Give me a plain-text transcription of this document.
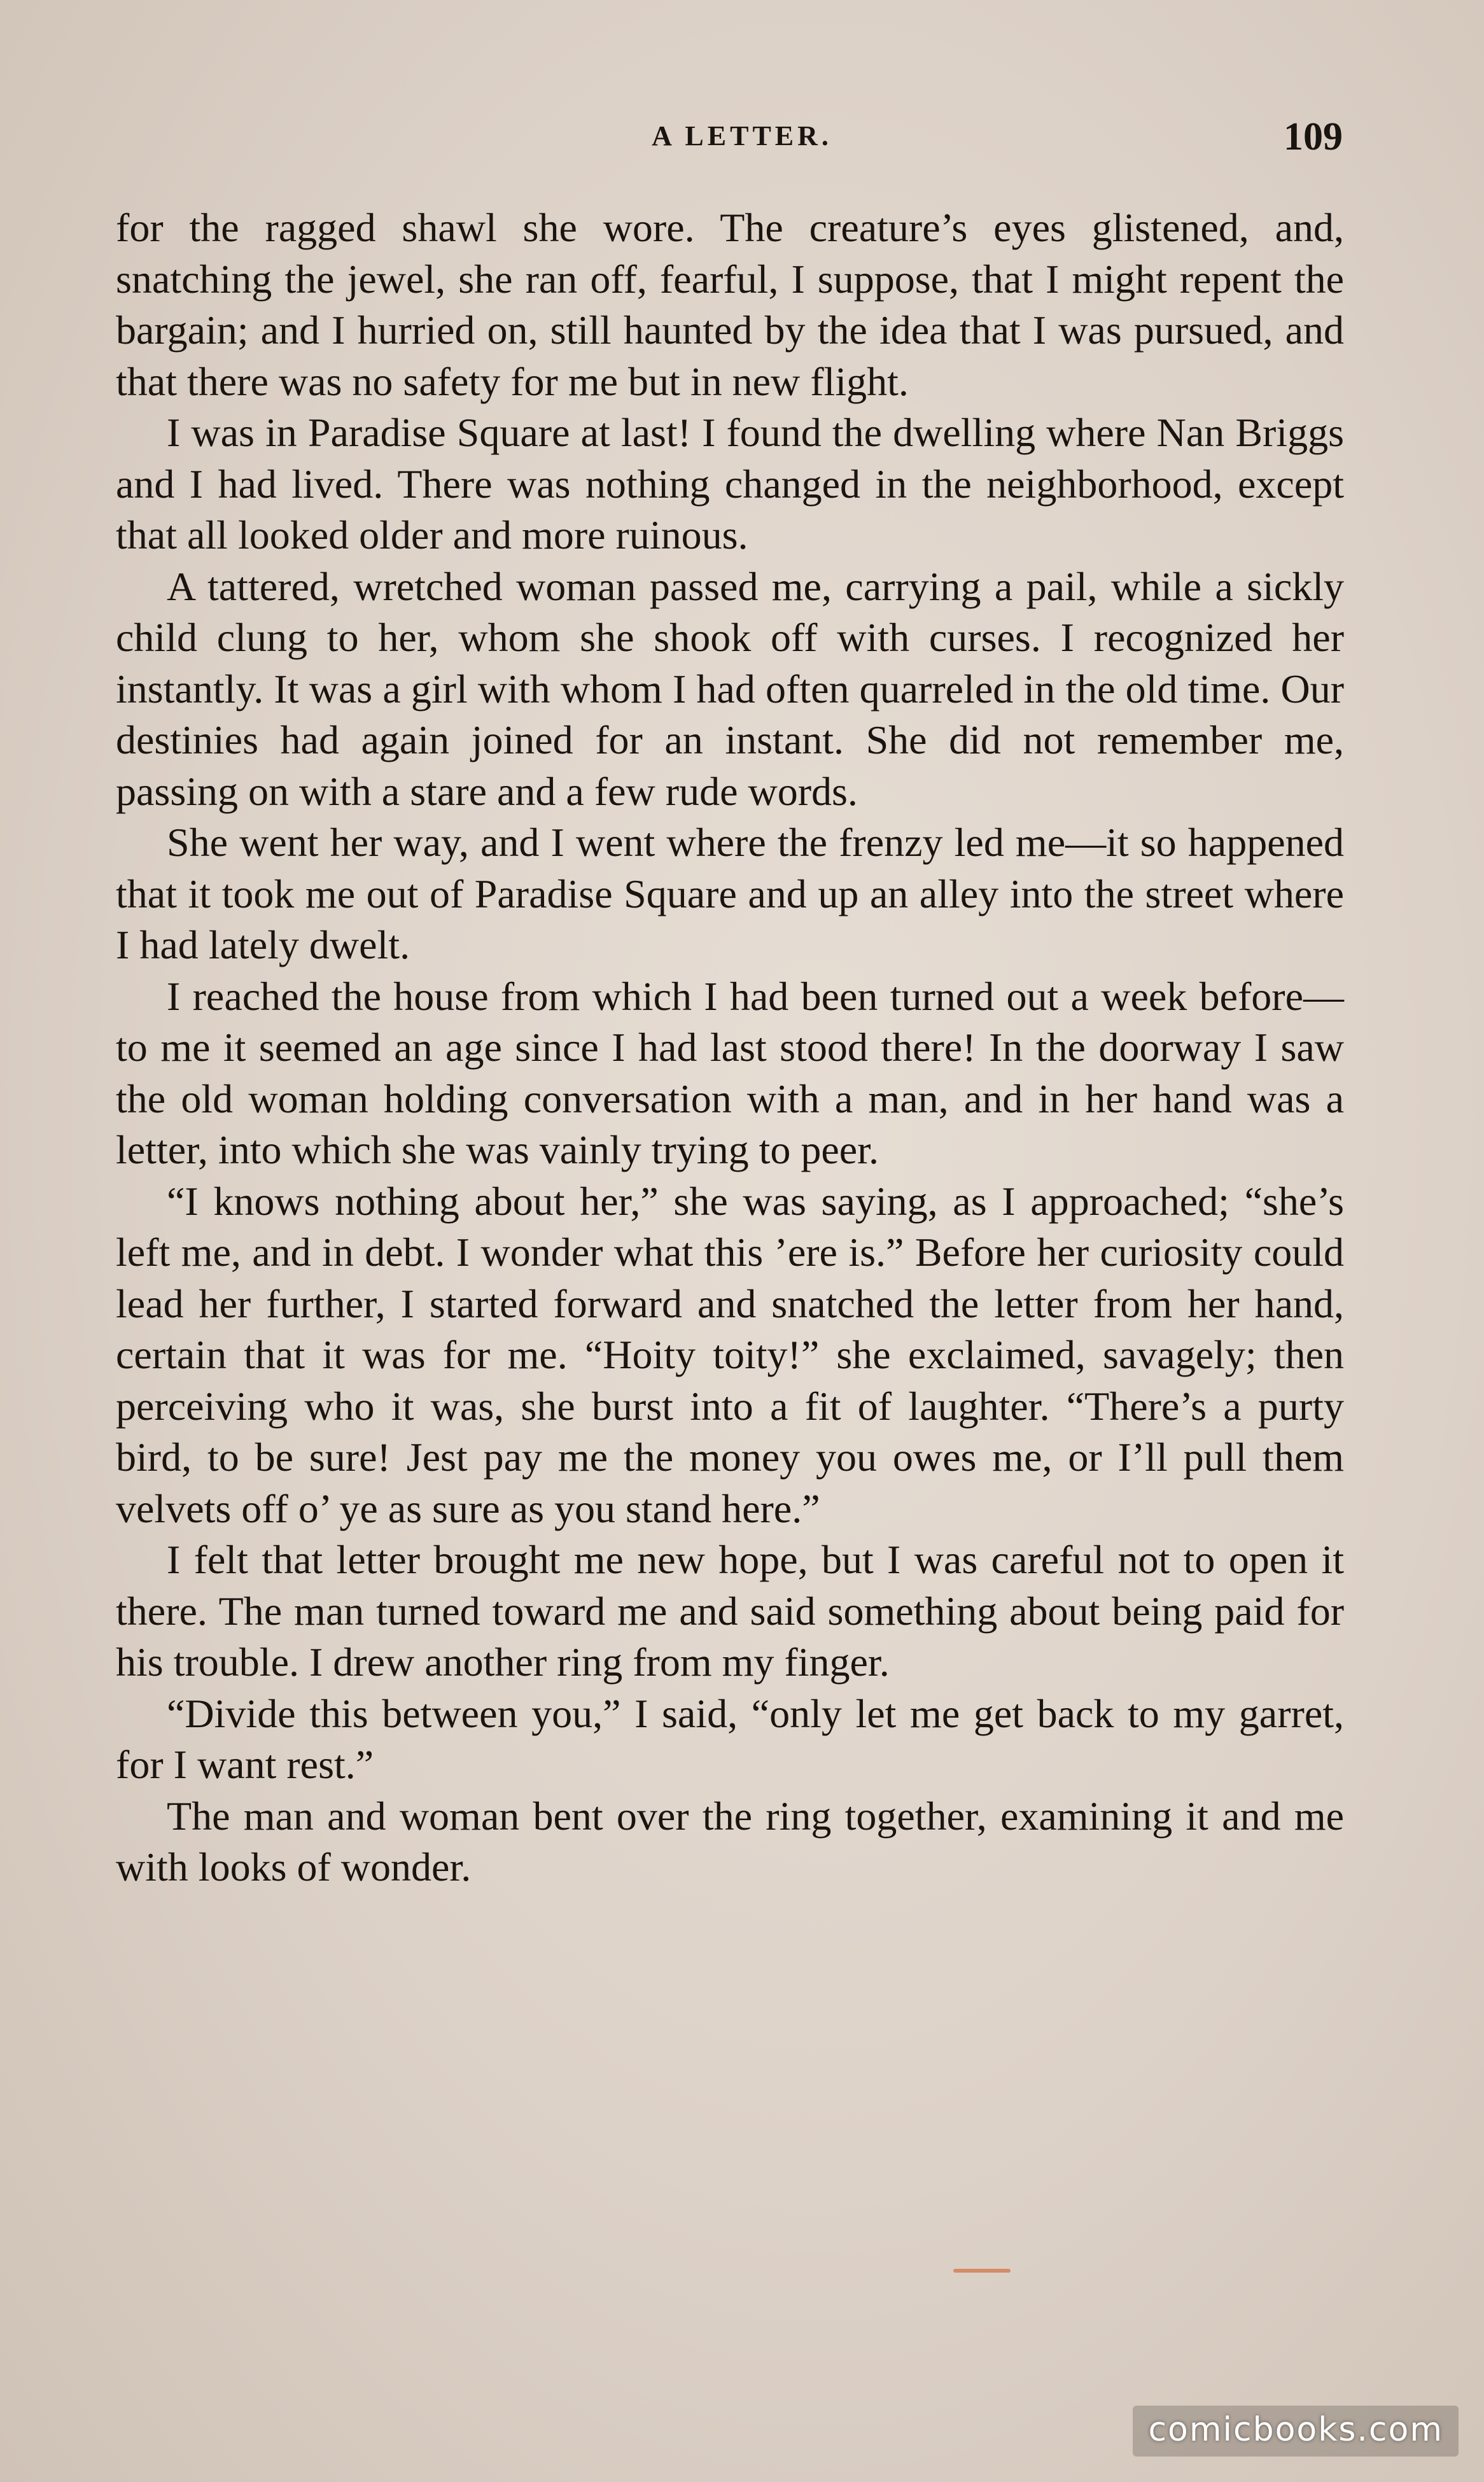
A LETTER.	109

for the ragged shawl she wore. The creature’s eyes glistened, and, snatching the jewel, she ran off, fearful, I suppose, that I might repent the bargain; and I hurried on, still haunted by the idea that I was pursued, and that there was no safety for me but in new flight.

I was in Paradise Square at last! I found the dwelling where Nan Briggs and I had lived. There was nothing changed in the neighborhood, except that all looked older and more ruinous.

A tattered, wretched woman passed me, carrying a pail, while a sickly child clung to her, whom she shook off with curses. I recognized her instantly. It was a girl with whom I had often quarreled in the old time. Our destinies had again joined for an instant. She did not remember me, passing on with a stare and a few rude words.

She went her way, and I went where the frenzy led me—it so happened that it took me out of Paradise Square and up an alley into the street where I had lately dwelt.

I reached the house from which I had been turned out a week before—to me it seemed an age since I had last stood there! In the doorway I saw the old woman holding conversation with a man, and in her hand was a letter, into which she was vainly trying to peer.

“I knows nothing about her,” she was saying, as I approached; “she’s left me, and in debt. I wonder what this ’ere is.” Before her curiosity could lead her further, I started forward and snatched the letter from her hand, certain that it was for me. “Hoity toity!” she exclaimed, savagely; then perceiving who it was, she burst into a fit of laughter. “There’s a purty bird, to be sure! Jest pay me the money you owes me, or I’ll pull them velvets off o’ ye as sure as you stand here.”

I felt that letter brought me new hope, but I was careful not to open it there. The man turned toward me and said something about being paid for his trouble. I drew another ring from my finger.

“Divide this between you,” I said, “only let me get back to my garret, for I want rest.”

The man and woman bent over the ring together, examining it and me with looks of wonder.

comicbooks.com
